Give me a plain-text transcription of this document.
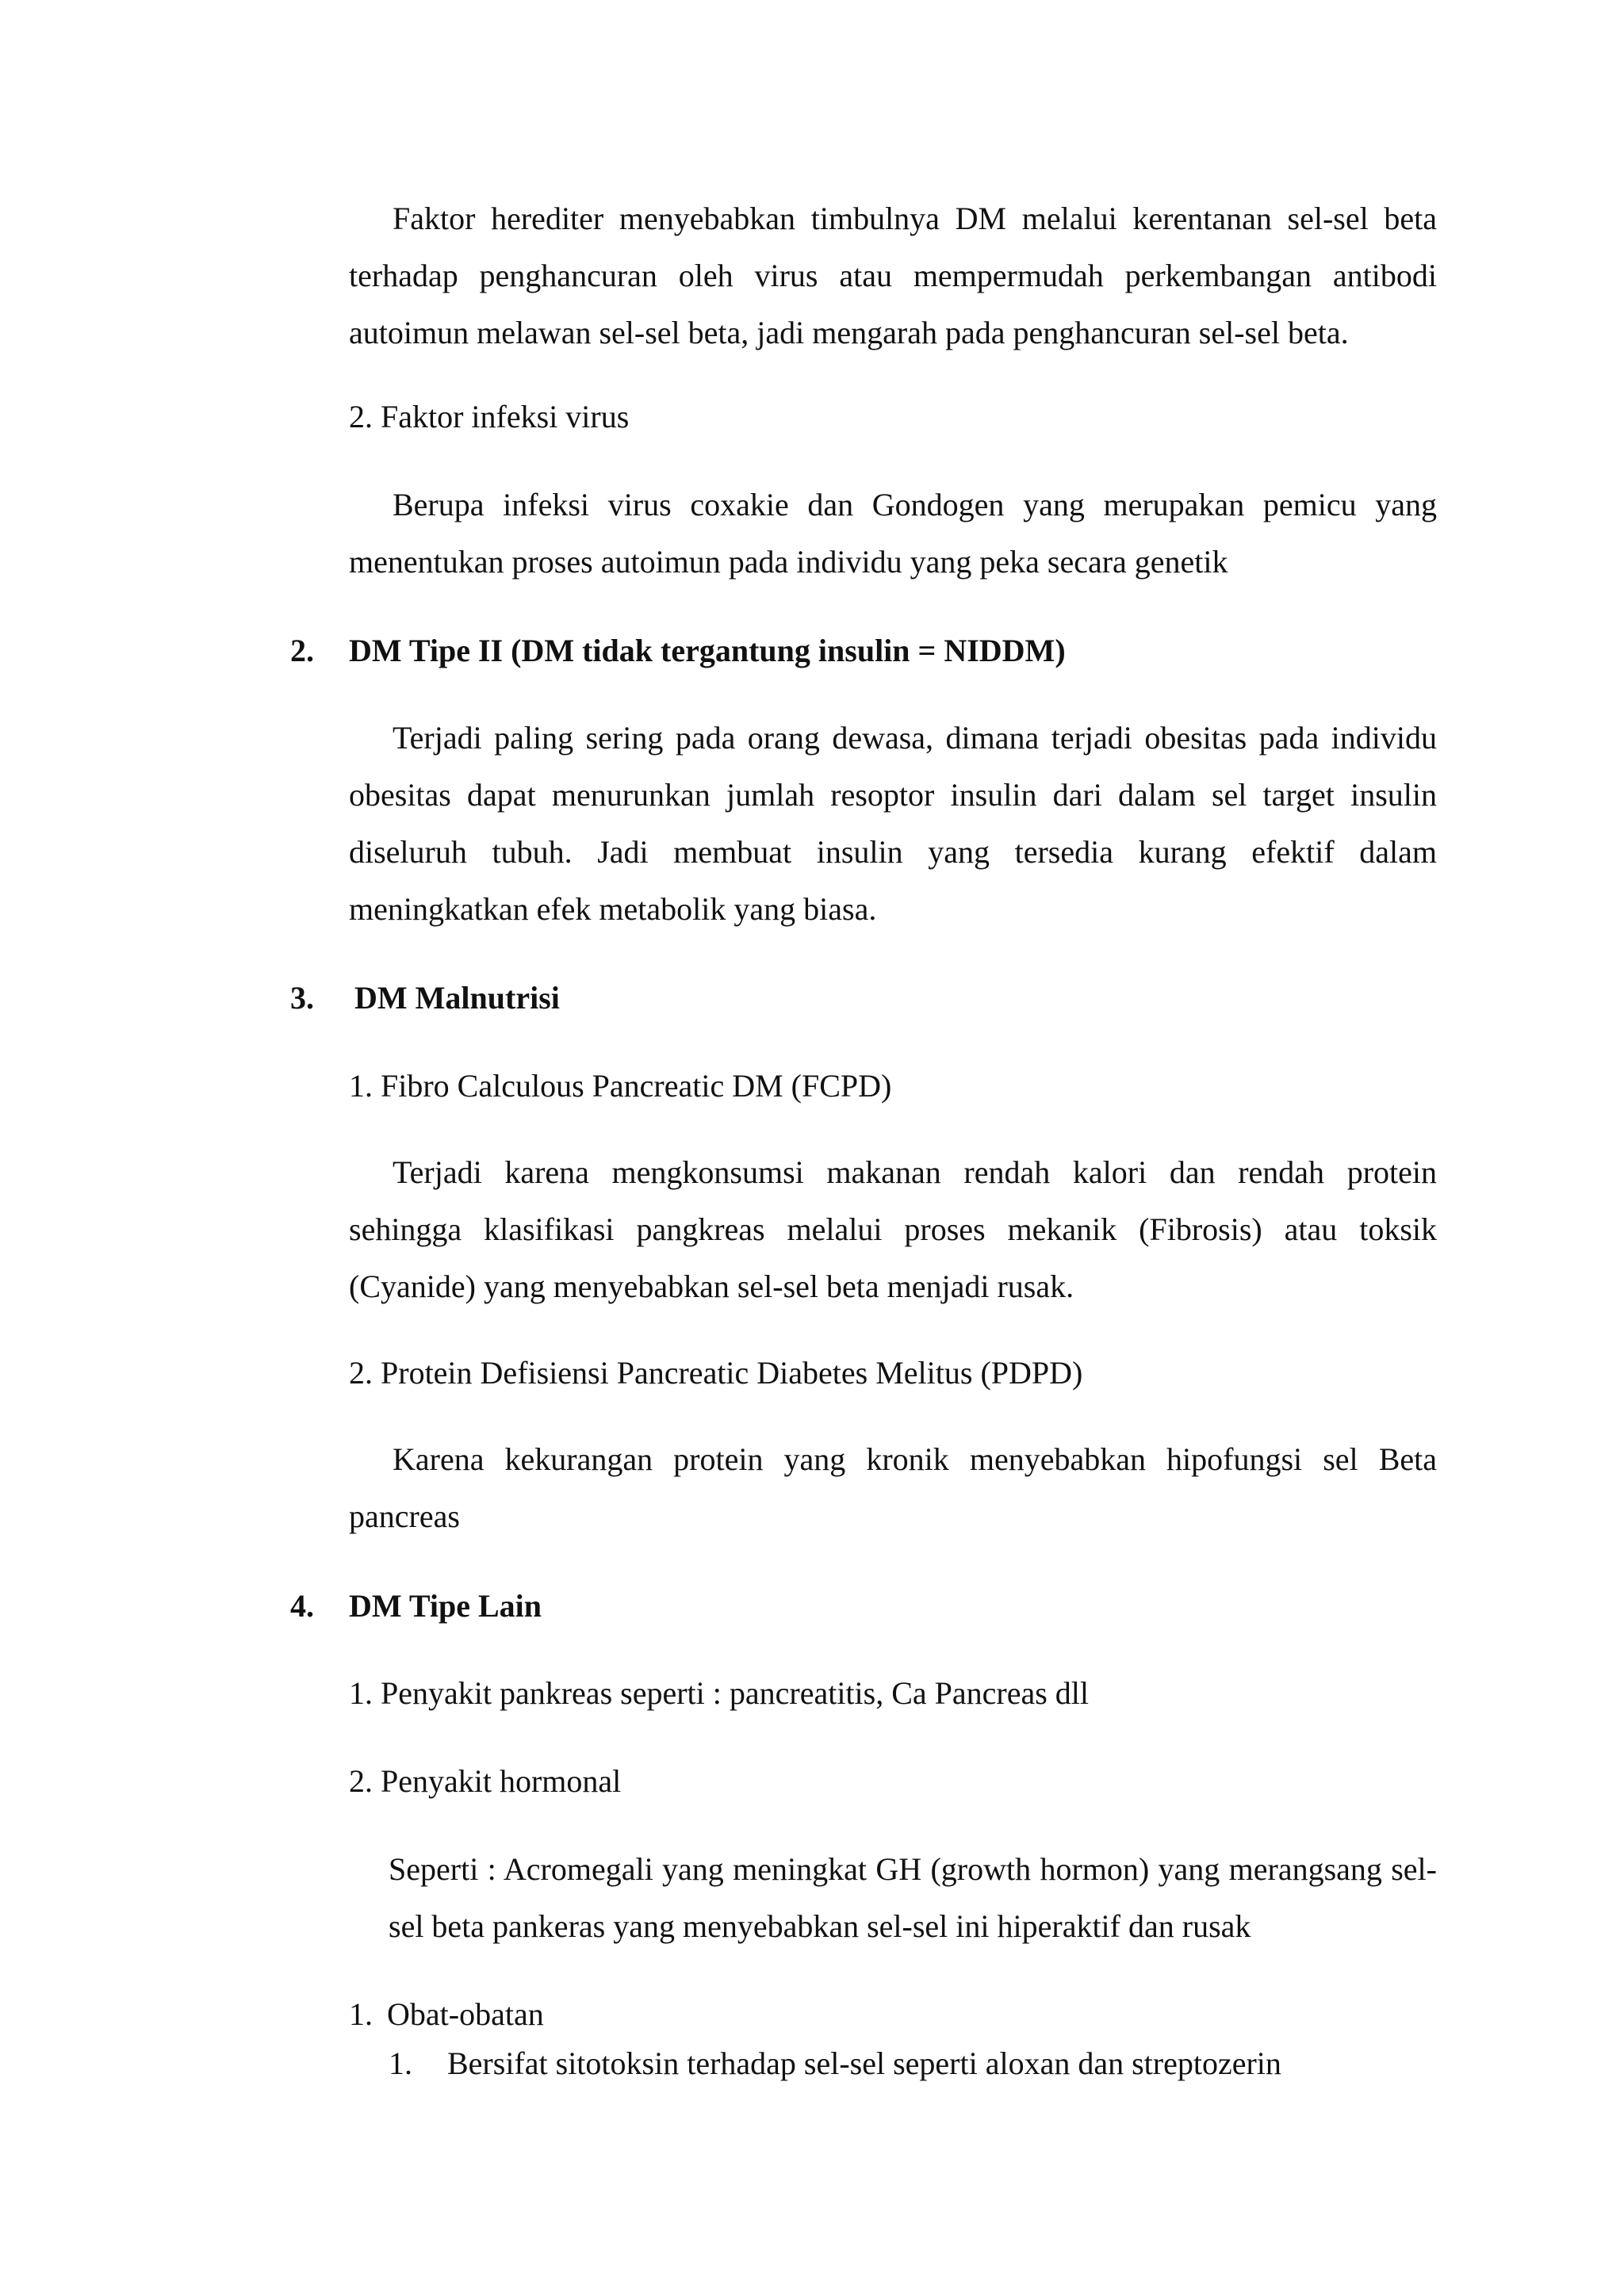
Faktor herediter menyebabkan timbulnya DM melalui kerentanan sel-sel beta terhadap penghancuran oleh virus atau mempermudah perkembangan antibodi autoimun melawan sel-sel beta, jadi mengarah pada penghancuran sel-sel beta.

2. Faktor infeksi virus

Berupa infeksi virus coxakie dan Gondogen yang merupakan pemicu yang menentukan proses autoimun pada individu yang peka secara genetik

2. DM Tipe II (DM tidak tergantung insulin = NIDDM)

Terjadi paling sering pada orang dewasa, dimana terjadi obesitas pada individu obesitas dapat menurunkan jumlah resoptor insulin dari dalam sel target insulin diseluruh tubuh. Jadi membuat insulin yang tersedia kurang efektif dalam meningkatkan efek metabolik yang biasa.

3. DM Malnutrisi
1. Fibro Calculous Pancreatic DM (FCPD)

Terjadi karena mengkonsumsi makanan rendah kalori dan rendah protein sehingga klasifikasi pangkreas melalui proses mekanik (Fibrosis) atau toksik (Cyanide) yang menyebabkan sel-sel beta menjadi rusak.

2. Protein Defisiensi Pancreatic Diabetes Melitus (PDPD)

Karena kekurangan protein yang kronik menyebabkan hipofungsi sel Beta pancreas

4. DM Tipe Lain
1. Penyakit pankreas seperti : pancreatitis, Ca Pancreas dll
2. Penyakit hormonal

Seperti : Acromegali yang meningkat GH (growth hormon) yang merangsang sel-sel beta pankeras yang menyebabkan sel-sel ini hiperaktif dan rusak

1. Obat-obatan
1. Bersifat sitotoksin terhadap sel-sel seperti aloxan dan streptozerin
